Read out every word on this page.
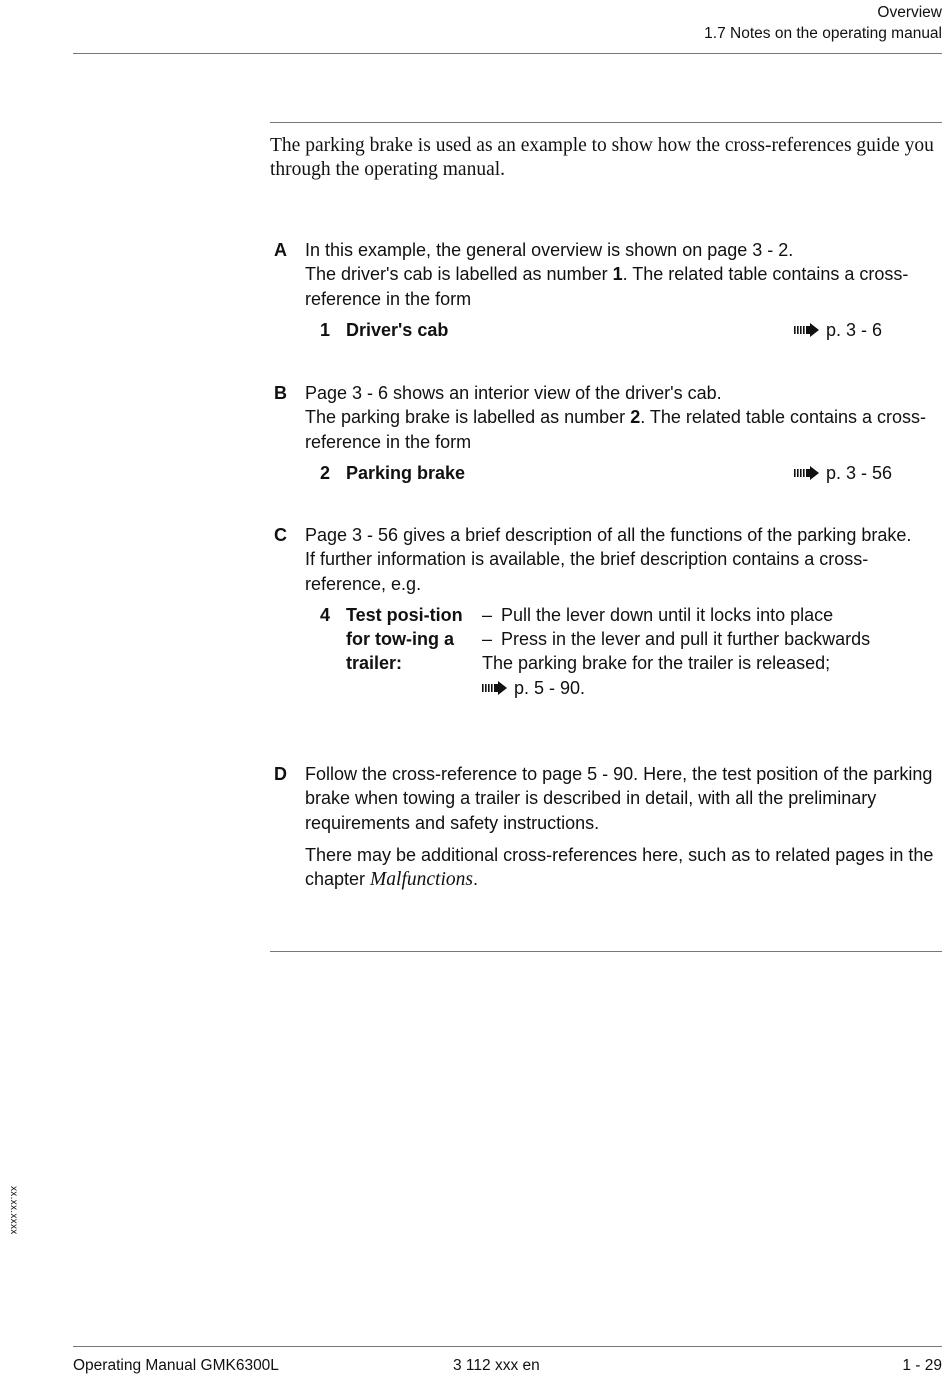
Overview
1.7 Notes on the operating manual
The parking brake is used as an example to show how the cross-references guide you through the operating manual.
A In this example, the general overview is shown on page 3 - 2.
The driver's cab is labelled as number 1. The related table contains a cross-reference in the form
1 Driver's cab	p. 3 - 6
B Page 3 - 6 shows an interior view of the driver's cab.
The parking brake is labelled as number 2. The related table contains a cross-reference in the form
2 Parking brake	p. 3 - 56
C Page 3 - 56 gives a brief description of all the functions of the parking brake.
If further information is available, the brief description contains a cross-reference, e.g.
4 Test posi-tion for tow-ing a trailer:
– Pull the lever down until it locks into place
– Press in the lever and pull it further backwards
The parking brake for the trailer is released;
p. 5 - 90.
D Follow the cross-reference to page 5 - 90. Here, the test position of the parking brake when towing a trailer is described in detail, with all the preliminary requirements and safety instructions.
There may be additional cross-references here, such as to related pages in the chapter Malfunctions.
xx.xx.xxxx
Operating Manual GMK6300L	3 112 xxx en	1 - 29
